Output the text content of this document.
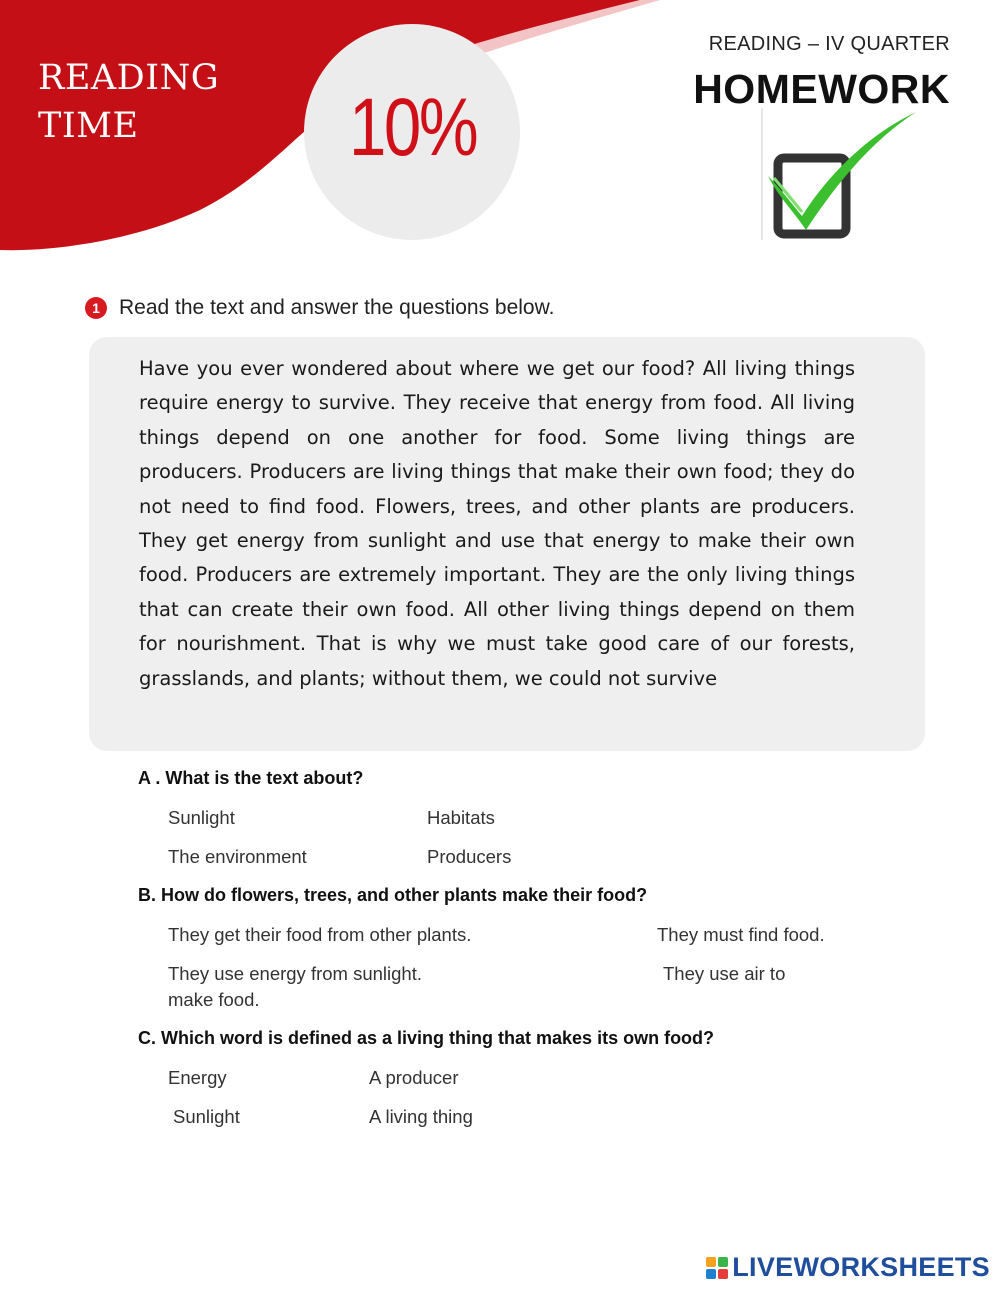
READING
TIME	10%
READING – IV QUARTER
HOMEWORK
1 Read the text and answer the questions below.

Have you ever wondered about where we get our food? All living things require energy to survive. They receive that energy from food. All living things depend on one another for food. Some living things are producers. Producers are living things that make their own food; they do not need to find food. Flowers, trees, and other plants are producers. They get energy from sunlight and use that energy to make their own food. Producers are extremely important. They are the only living things that can create their own food. All other living things depend on them for nourishment. That is why we must take good care of our forests, grasslands, and plants; without them, we could not survive

A . What is the text about?
Sunlight	Habitats
The environment	Producers
B. How do flowers, trees, and other plants make their food?
They get their food from other plants.	They must find food.
They use energy from sunlight.	They use air to
make food.
C. Which word is defined as a living thing that makes its own food?
Energy	A producer
Sunlight	A living thing
LIVEWORKSHEETS
